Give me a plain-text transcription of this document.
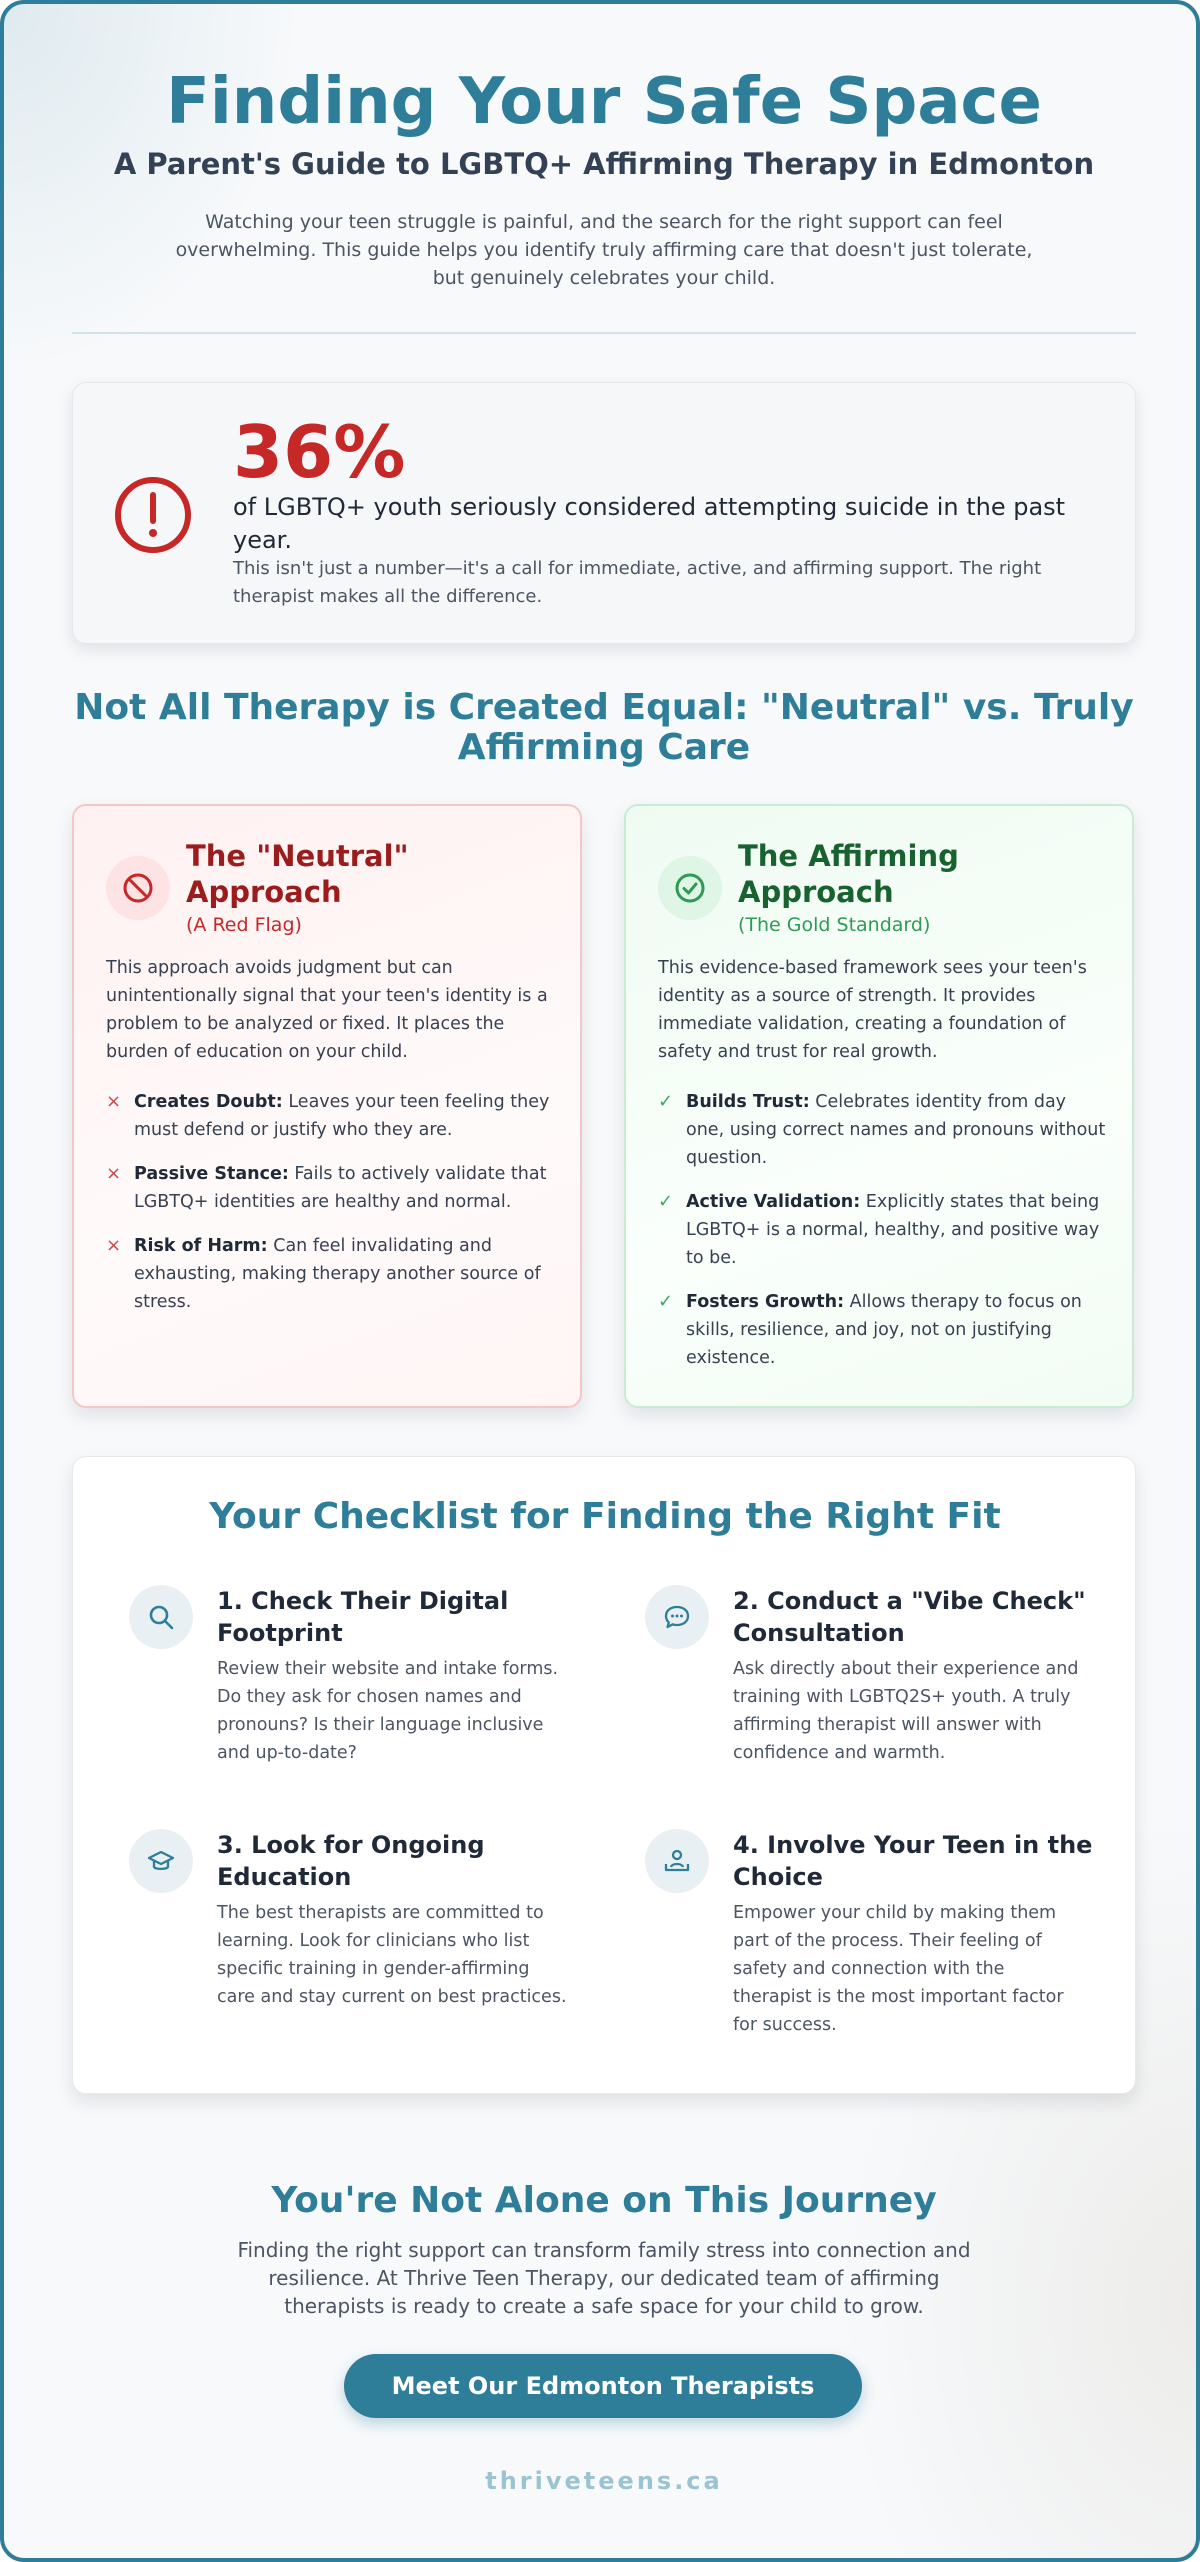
Finding Your Safe Space
A Parent's Guide to LGBTQ+ Affirming Therapy in Edmonton

Watching your teen struggle is painful, and the search for the right support can feel overwhelming. This guide helps you identify truly affirming care that doesn't just tolerate, but genuinely celebrates your child.

36%
of LGBTQ+ youth seriously considered attempting suicide in the past year.
This isn't just a number—it's a call for immediate, active, and affirming support. The right therapist makes all the difference.
Not All Therapy is Created Equal: "Neutral" vs. Truly Affirming Care
The "Neutral" Approach
(A Red Flag)
This approach avoids judgment but can unintentionally signal that your teen's identity is a problem to be analyzed or fixed. It places the burden of education on your child.
× Creates Doubt: Leaves your teen feeling they must defend or justify who they are.
× Passive Stance: Fails to actively validate that LGBTQ+ identities are healthy and normal.
× Risk of Harm: Can feel invalidating and exhausting, making therapy another source of stress.
The Affirming Approach
(The Gold Standard)
This evidence-based framework sees your teen's identity as a source of strength. It provides immediate validation, creating a foundation of safety and trust for real growth.
✓ Builds Trust: Celebrates identity from day one, using correct names and pronouns without question.
✓ Active Validation: Explicitly states that being LGBTQ+ is a normal, healthy, and positive way to be.
✓ Fosters Growth: Allows therapy to focus on skills, resilience, and joy, not on justifying existence.
Your Checklist for Finding the Right Fit
1. Check Their Digital Footprint
Review their website and intake forms. Do they ask for chosen names and pronouns? Is their language inclusive and up-to-date?
2. Conduct a "Vibe Check" Consultation
Ask directly about their experience and training with LGBTQ2S+ youth. A truly affirming therapist will answer with confidence and warmth.
3. Look for Ongoing Education
The best therapists are committed to learning. Look for clinicians who list specific training in gender-affirming care and stay current on best practices.
4. Involve Your Teen in the Choice
Empower your child by making them part of the process. Their feeling of safety and connection with the therapist is the most important factor for success.
You're Not Alone on This Journey
Finding the right support can transform family stress into connection and resilience. At Thrive Teen Therapy, our dedicated team of affirming therapists is ready to create a safe space for your child to grow.
Meet Our Edmonton Therapists
thriveteens.ca
